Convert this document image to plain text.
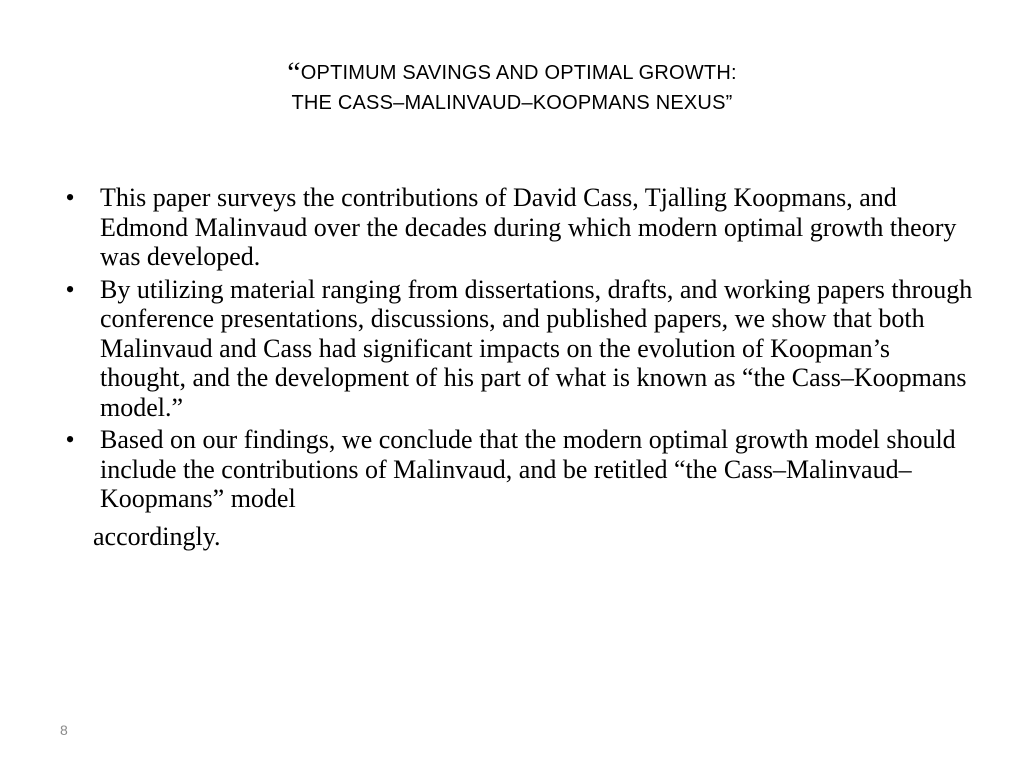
“OPTIMUM SAVINGS AND OPTIMAL GROWTH:
THE CASS–MALINVAUD–KOOPMANS NEXUS”
• This paper surveys the contributions of David Cass, Tjalling Koopmans, and Edmond Malinvaud over the decades during which modern optimal growth theory was developed.
• By utilizing material ranging from dissertations, drafts, and working papers through conference presentations, discussions, and published papers, we show that both Malinvaud and Cass had significant impacts on the evolution of Koopman’s thought, and the development of his part of what is known as “the Cass–Koopmans model.”
• Based on our findings, we conclude that the modern optimal growth model should include the contributions of Malinvaud, and be retitled “the Cass–Malinvaud–Koopmans” model
accordingly.
8
